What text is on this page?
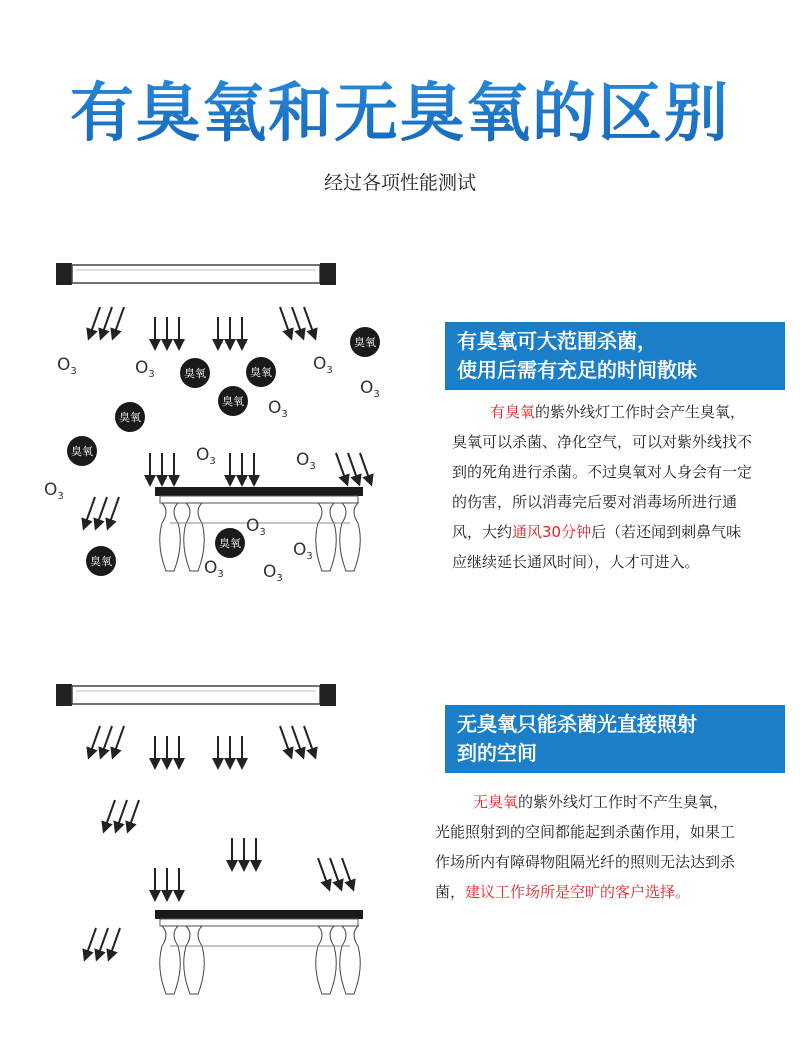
有臭氧和无臭氧的区别
经过各项性能测试
臭氧
臭氧	臭氧
臭氧
臭氧
臭氧
臭氧
臭氧
$O_3$	$O_3$
$O_3$
$O_3$
$O_3$
$O_3$	$O_3$
$O_3$
$O_3$
$O_3$
$O_3$ $O_3$
有臭氧可大范围杀菌，
使用后需有充足的时间散味
有臭氧的紫外线灯工作时会产生臭氧，臭氧可以杀菌、净化空气，可以对紫外线找不到的死角进行杀菌。不过臭氧对人身会有一定的伤害，所以消毒完后要对消毒场所进行通风，大约通风30分钟后（若还闻到刺鼻气味应继续延长通风时间），人才可进入。
无臭氧只能杀菌光直接照射
到的空间
无臭氧的紫外线灯工作时不产生臭氧，光能照射到的空间都能起到杀菌作用，如果工作场所内有障碍物阻隔光纤的照则无法达到杀菌，建议工作场所是空旷的客户选择。
